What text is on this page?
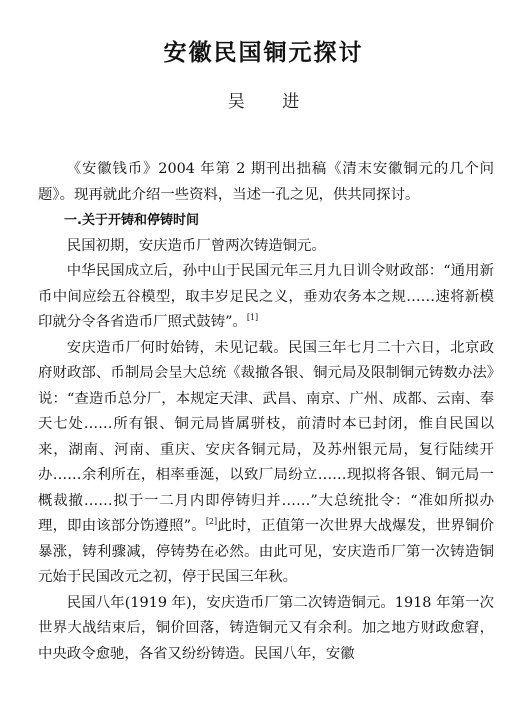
安徽民国铜元探讨
吴 进

《安徽钱币》2004 年第 2 期刊出拙稿《清末安徽铜元的几个问题》。现再就此介绍一些资料，当述一孔之见，供共同探讨。

一.关于开铸和停铸时间

民国初期，安庆造币厂曾两次铸造铜元。

中华民国成立后，孙中山于民国元年三月九日训令财政部：“通用新币中间应绘五谷模型，取丰岁足民之义，垂劝农务本之规……速将新模印就分令各省造币厂照式鼓铸”。[1]

安庆造币厂何时始铸，未见记载。民国三年七月二十六日，北京政府财政部、币制局会呈大总统《裁撤各银、铜元局及限制铜元铸数办法》说：“查造币总分厂，本规定天津、武昌、南京、广州、成都、云南、奉天七处……所有银、铜元局皆属骈枝，前清时本已封闭，惟自民国以来，湖南、河南、重庆、安庆各铜元局，及苏州银元局，复行陆续开办……余利所在，相率垂涎，以致厂局纷立……现拟将各银、铜元局一概裁撤……拟于一二月内即停铸归并……”大总统批令：“准如所拟办理，即由该部分饬遵照”。[2]此时，正值第一次世界大战爆发，世界铜价暴涨，铸利骤减，停铸势在必然。由此可见，安庆造币厂第一次铸造铜元始于民国改元之初，停于民国三年秋。

民国八年(1919 年)，安庆造币厂第二次铸造铜元。1918 年第一次世界大战结束后，铜价回落，铸造铜元又有余利。加之地方财政愈窘，中央政令愈驰，各省又纷纷铸造。民国八年，安徽
